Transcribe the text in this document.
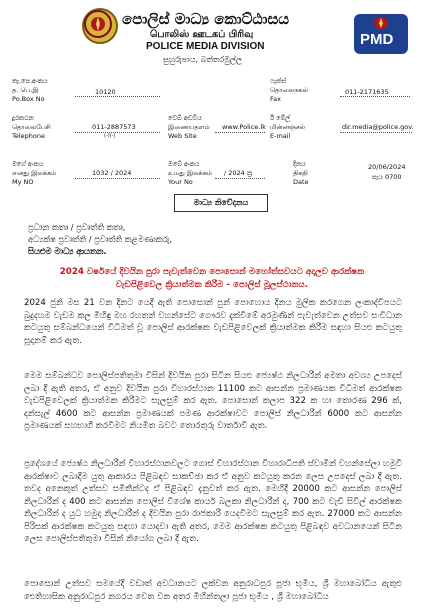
පොලිස් මාධ්‍ය කොට්ඨාසය
பொலிஸ் ஊடகப் பிரிவு
POLICE MEDIA DIVISION
සුහුරුපාය, බත්තරමුල්ල
PMD
තැ.පෙ.අංකය
த. பெ.இ
Po.Box No
10120
ෆැක්ස්
தொலைநகல்
Fax
011-2171635
දුරකථන
தொலைபேசி
Telephone
011-2887573
(-)(-)
වෙබ් අඩවිය
இணையதளம்
Web Site
www.Police.lk
ඊ මේල්
மின்னஞ்சல்
E-mail
dir.media@police.gov.
මගේ අංකය
எனது இலக்கம்
My NO
1032 / 2024
ඔබේ අංකය
உமது இலக்கம்
Your No
/ 2024 ක්‍ර
දිනය
திகதி
Date
20/06/2024
පැය 0700
මාධ්‍ය නිවේදනය
ප්‍රධාන කතෘ / ප්‍රවෘත්ති කතෘ,
අධ්‍යක්ෂ ප්‍රවෘත්ති / ප්‍රවෘත්ති කළමණාකරු,
සියළුම මාධ්‍ය ආයතන.
2024 වර්ෂයේ දිවයින පුරා පැවැත්වෙන පොසොන් මහෝත්සවයට අදාලව ආරක්ෂක වැඩපිළිවෙල ක්‍රියාත්මක කිරීම - පොලිස් මූලස්ථානය.
2024 ජුනි මස 21 වන දිනට යෙදී ඇති පොසොන් පුන් පොහොය දිනය මුලික කරගෙන ලංකාද්වීපයට බුදුදහම වැඩම කල මිහිඳු මහ රහතන් වහන්සේට ගෞරව දැක්වීමේ අරමුණින් පැවැත්වෙන උත්සව සංවිධාන කටයුතු සම්බන්ධයෙන් විධිමත් වූ පොලිස් ආරක්ෂක වැඩපිළිවෙලක් ක්‍රියාත්මක කිරීම සඳහා සියළු කටයුතු සූදානම් කර ඇත.
මෙම සම්බන්ධව පොලිස්පතිතුමා විසින් දිවයින පුරා සිටින සියළු ජ්‍යෙෂ්ඨ නිලධාරීන් අමතා අවශ්‍ය උපදෙස් ලබා දී ඇති අතර, ඒ අනුව දිවයින පුරා විහාරස්ථාන 11100 කට ආසන්න ප්‍රමාණයක විධිමත් ආරක්ෂක වැඩපිළිවෙලක් ක්‍රියාත්මක කිරීමට සැලසුම් කර ඇත. පොසොන් කලාප 322 ක හා තොරණ 296 ක්, දන්සැල් 4600 කට ආසන්න ප්‍රමාණයක් පමණ ආරක්ෂාවට පොලිස් නිලධාරීන් 6000 කට ආසන්න ප්‍රමාණයක් සහභාගී කරවීමට නියමිත බවට තොරතුරු වාර්තාවී ඇත.
ප්‍රදේශයේ ජ්‍යෙෂ්ඨ නිලධාරීන් විහාරස්ථානවලට ගොස් විහාරස්ථාන විහාරාධිපති ස්වාමීන් වහන්සේලා හමුවී ආරක්ෂාව ලබාදීම යුතු ආකාරය පිළිබඳව සාකච්ඡා කර ඒ අනුව කටයුතු කරන ලෙස උපදෙස් ලබා දී ඇත. තවද අනෙකුත් උත්සව සමිතීන්ටද ඒ පිළිබඳව දැනුවත් කර ඇත. මෙහිදී 20000 කට ආසන්න පොලිස් නිලධාරීන් ද 400 කට ආසන්න පොලිස් විශේෂ කාර්ය බලකා නිලධාරීන් ද, 700 කට වැඩි සිවිල් ආරක්ෂක නිලධාරීන් ද යුධ හමුදා නිලධාරීන් ද දිවයින පුරා රාජකාරී යෙදවීමට සැලසුම් කර ඇත. 27000 කට ආසන්න පිරිසක් ආරක්ෂක කටයුතු සඳහා යොදවා ඇති අතර, මෙම ආරක්ෂක කටයුතු පිළිබඳව අවධානයෙන් සිටින ලෙස පොලිස්පතිතුමා විසින් නියෝග ලබා දී ඇත.
පොසොන් උත්සව සමයේදී වඩාත් අවධානයට ලක්වන අනුරාධපුර පූජා භූමිය, ශ්‍රී මහාබෝධිය ඇතුළු ඓතිහාසික අනුරාධපුර නගරය වෙත වන අතර මිහින්තලා පූජා භූමිය , ශ්‍රී මහාබෝධිය
